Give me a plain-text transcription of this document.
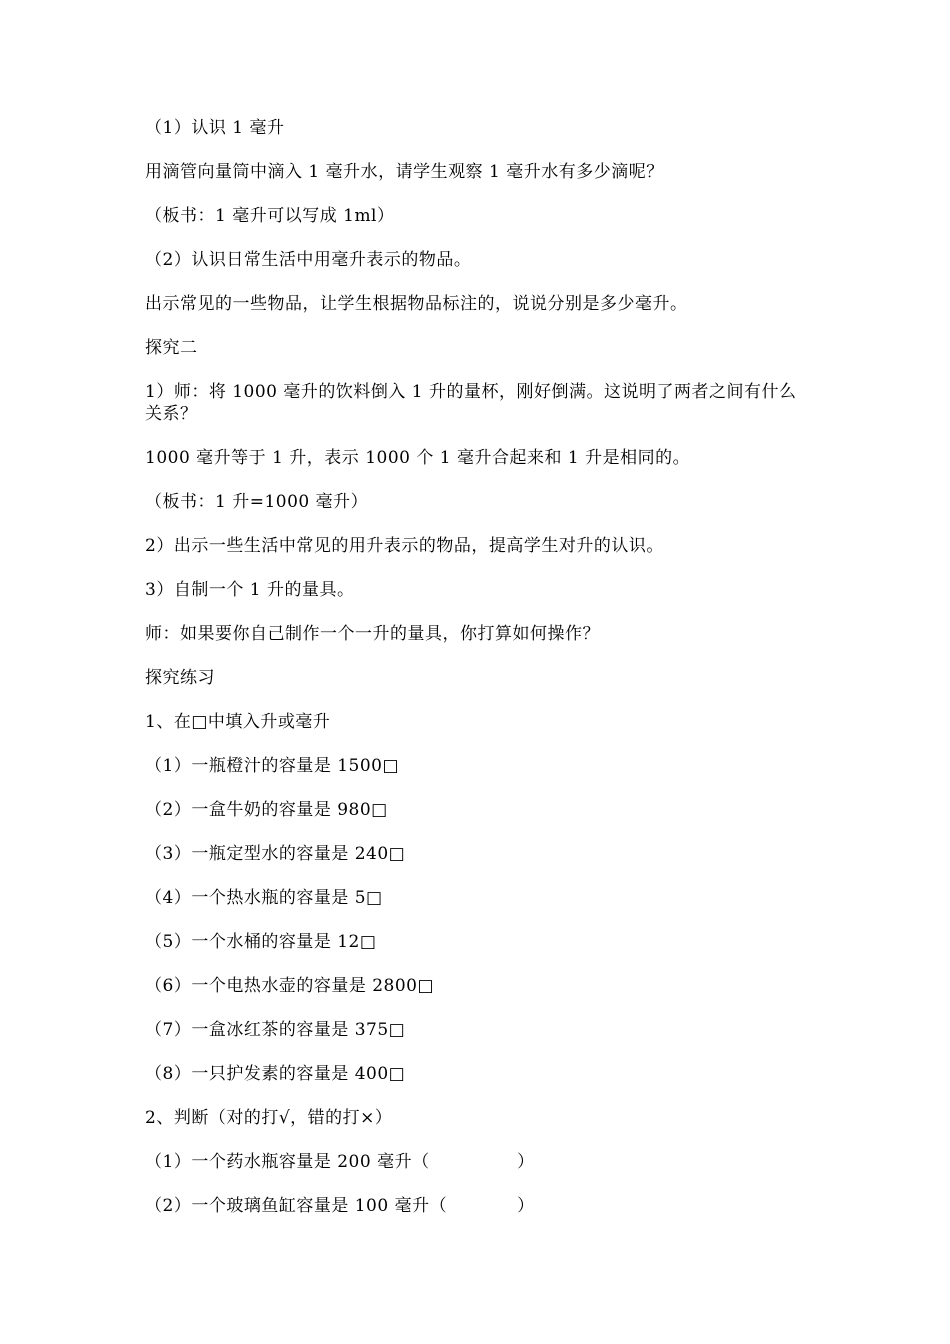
（1）认识 1 毫升
用滴管向量筒中滴入 1 毫升水，请学生观察 1 毫升水有多少滴呢？
（板书：1 毫升可以写成 1ml）
（2）认识日常生活中用毫升表示的物品。
出示常见的一些物品，让学生根据物品标注的，说说分别是多少毫升。
探究二
1）师：将 1000 毫升的饮料倒入 1 升的量杯，刚好倒满。这说明了两者之间有什么关系？
1000 毫升等于 1 升，表示 1000 个 1 毫升合起来和 1 升是相同的。
（板书：1 升=1000 毫升）
2）出示一些生活中常见的用升表示的物品，提高学生对升的认识。
3）自制一个 1 升的量具。
师：如果要你自己制作一个一升的量具，你打算如何操作？
探究练习
1、在□中填入升或毫升
（1）一瓶橙汁的容量是 1500□
（2）一盒牛奶的容量是 980□
（3）一瓶定型水的容量是 240□
（4）一个热水瓶的容量是 5□
（5）一个水桶的容量是 12□
（6）一个电热水壶的容量是 2800□
（7）一盒冰红茶的容量是 375□
（8）一只护发素的容量是 400□
2、判断（对的打√，错的打×）
（1）一个药水瓶容量是 200 毫升（　　　　　）
（2）一个玻璃鱼缸容量是 100 毫升（　　　　）
